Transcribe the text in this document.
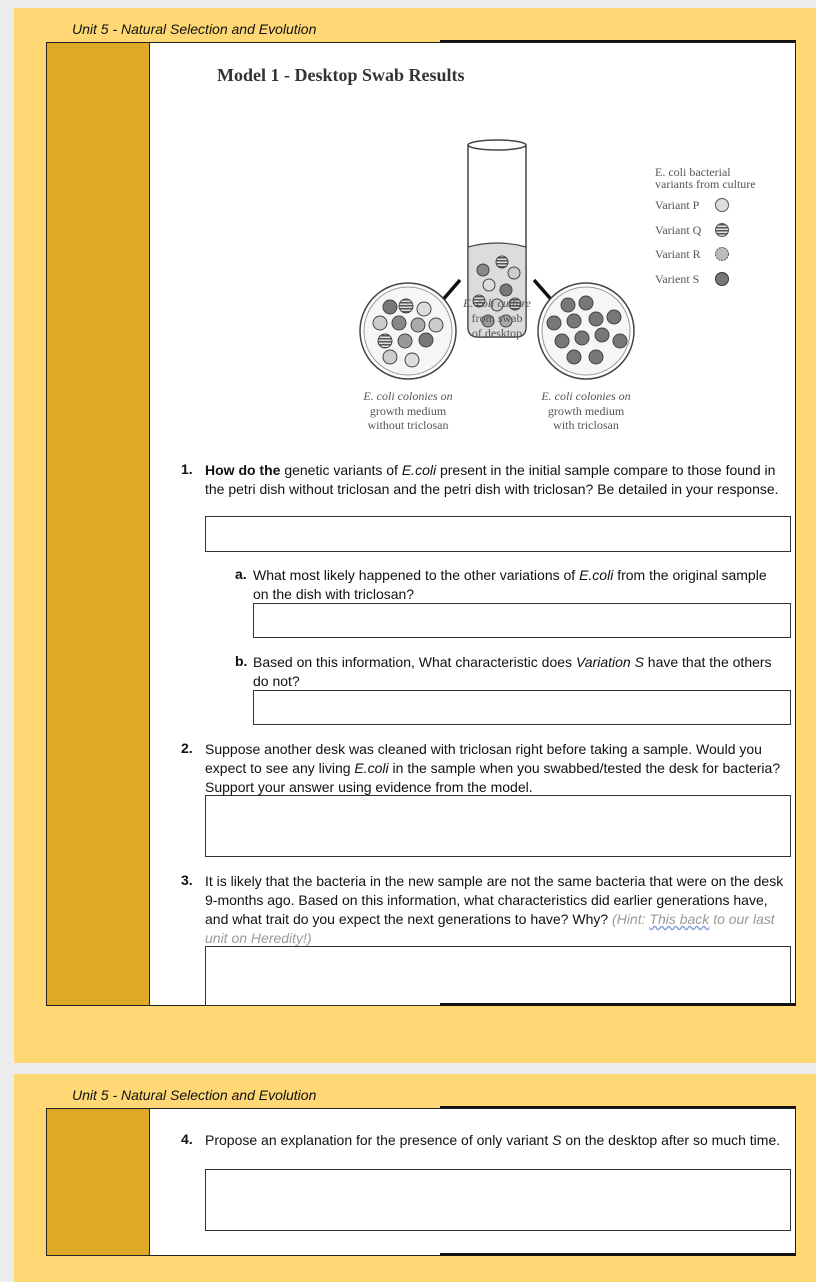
Unit 5 - Natural Selection and Evolution
Model 1 - Desktop Swab Results
E. coli culture
from swab
of desktop
E. coli colonies on
growth medium
without triclosan
E. coli colonies on
growth medium
with triclosan
E. coli bacterial
variants from culture
Variant P
Variant Q
Variant R
Varient S
1. How do the genetic variants of E.coli present in the initial sample compare to those found in the petri dish without triclosan and the petri dish with triclosan? Be detailed in your response.
a. What most likely happened to the other variations of E.coli from the original sample on the dish with triclosan?
b. Based on this information, What characteristic does Variation S have that the others do not?
2. Suppose another desk was cleaned with triclosan right before taking a sample. Would you expect to see any living E.coli in the sample when you swabbed/tested the desk for bacteria? Support your answer using evidence from the model.
3. It is likely that the bacteria in the new sample are not the same bacteria that were on the desk 9-months ago. Based on this information, what characteristics did earlier generations have, and what trait do you expect the next generations to have? Why? (Hint: This back to our last unit on Heredity!)
Unit 5 - Natural Selection and Evolution
4. Propose an explanation for the presence of only variant S on the desktop after so much time.
